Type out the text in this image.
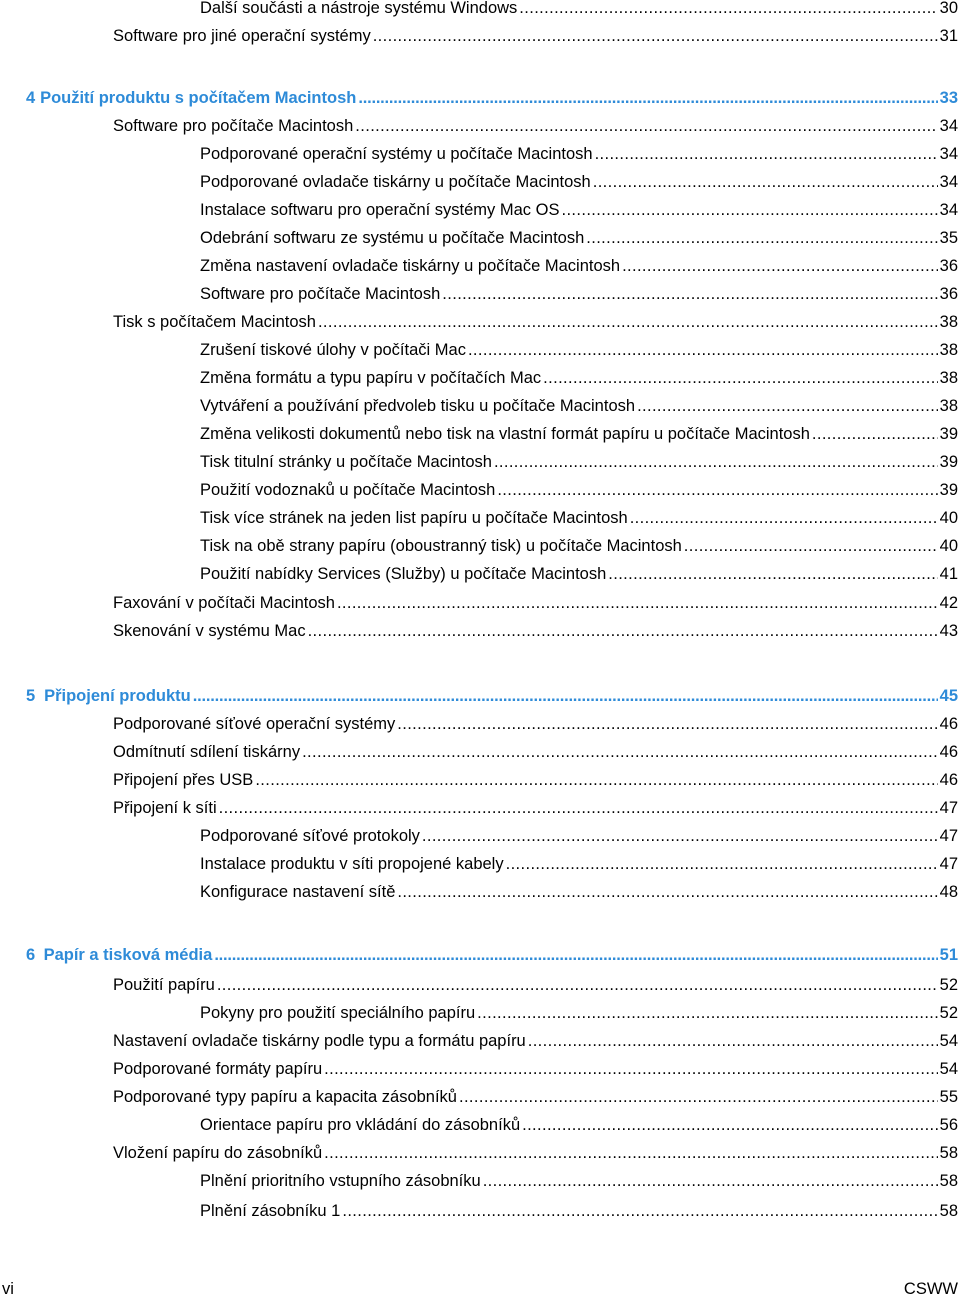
Další součásti a nástroje systému Windows . . .	30
Software pro jiné operační systémy . . .	31
4 Použití produktu s počítačem Macintosh . . .	33
Software pro počítače Macintosh . . .	34
Podporované operační systémy u počítače Macintosh . . .	34
Podporované ovladače tiskárny u počítače Macintosh . . .	34
Instalace softwaru pro operační systémy Mac OS . . .	34
Odebrání softwaru ze systému u počítače Macintosh . . .	35
Změna nastavení ovladače tiskárny u počítače Macintosh . . .	36
Software pro počítače Macintosh . . .	36
Tisk s počítačem Macintosh . . .	38
Zrušení tiskové úlohy v počítači Mac . . .	38
Změna formátu a typu papíru v počítačích Mac . . .	38
Vytváření a používání předvoleb tisku u počítače Macintosh . . .	38
Změna velikosti dokumentů nebo tisk na vlastní formát papíru u počítače Macintosh . . .	39
Tisk titulní stránky u počítače Macintosh . . .	39
Použití vodoznaků u počítače Macintosh . . .	39
Tisk více stránek na jeden list papíru u počítače Macintosh . . .	40
Tisk na obě strany papíru (oboustranný tisk) u počítače Macintosh . . .	40
Použití nabídky Services (Služby) u počítače Macintosh . . .	41
Faxování v počítači Macintosh . . .	42
Skenování v systému Mac . . .	43
5 Připojení produktu . . .	45
Podporované síťové operační systémy . . .	46
Odmítnutí sdílení tiskárny . . .	46
Připojení přes USB . . .	46
Připojení k síti . . .	47
Podporované síťové protokoly . . .	47
Instalace produktu v síti propojené kabely . . .	47
Konfigurace nastavení sítě . . .	48
6 Papír a tisková média . . .	51
Použití papíru . . .	52
Pokyny pro použití speciálního papíru . . .	52
Nastavení ovladače tiskárny podle typu a formátu papíru . . .	54
Podporované formáty papíru . . .	54
Podporované typy papíru a kapacita zásobníků . . .	55
Orientace papíru pro vkládání do zásobníků . . .	56
Vložení papíru do zásobníků . . .	58
Plnění prioritního vstupního zásobníku . . .	58
Plnění zásobníku 1 . . .	58
vi	CSWW
